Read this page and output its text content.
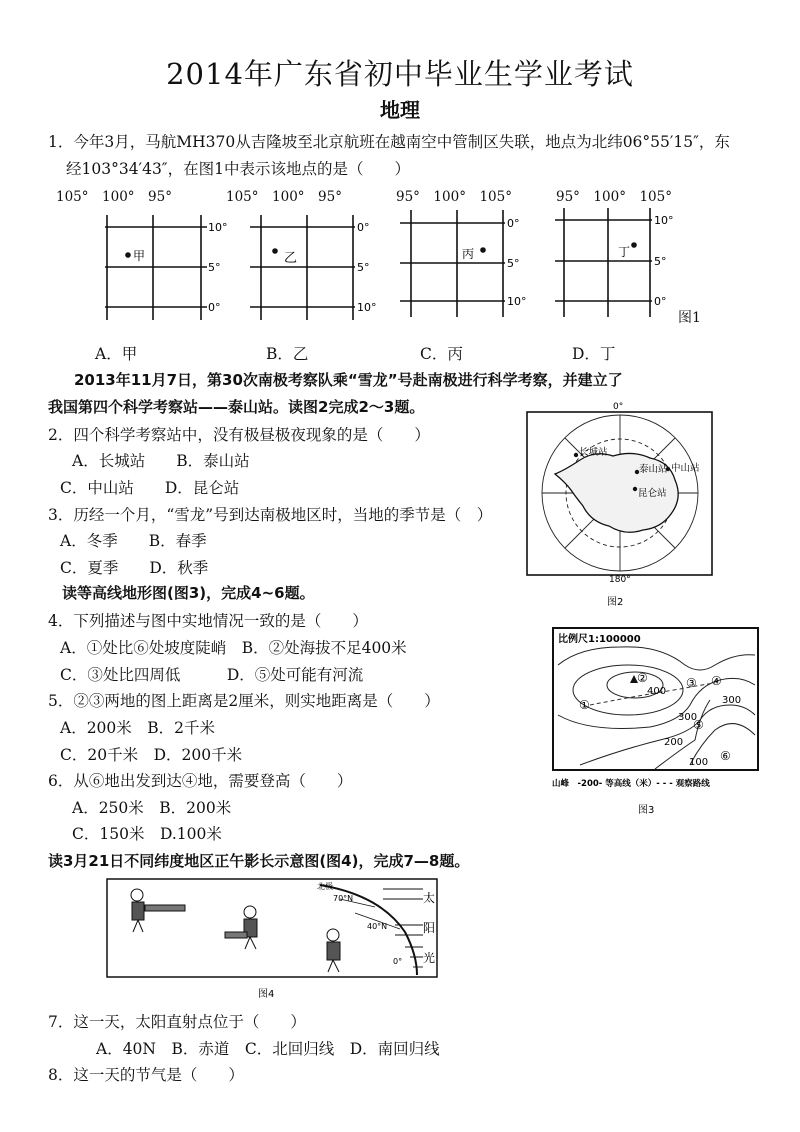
2014年广东省初中毕业生学业考试
地理
1．今年3月，马航MH370从吉隆坡至北京航班在越南空中管制区失联，地点为北纬06°55′15″，东
经103°34′43″，在图1中表示该地点的是（　　）
105°　100°　95°	105°　100°　95°	95°　100°　105°	95°　100°　105°
甲
10°
5°
0°
乙
0°
5°
10°
丙
0°
5°
10°
丁
10°
5°
0°
图1
A．甲	B．乙	C．丙	D．丁
2013年11月7日，第30次南极考察队乘“雪龙”号赴南极进行科学考察，并建立了
我国第四个科学考察站——泰山站。读图2完成2～3题。
2．四个科学考察站中，没有极昼极夜现象的是（　　）
A．长城站　　B．泰山站
C．中山站　　D．昆仑站
3．历经一个月，“雪龙”号到达南极地区时，当地的季节是（　）
A．冬季　　B．春季
C．夏季　　D．秋季
长城站
泰山站 中山站
昆仑站
0°
180°
图2
读等高线地形图(图3)，完成4~6题。
4．下列描述与图中实地情况一致的是（　　）
A．①处比⑥处坡度陡峭　B．②处海拔不足400米
C．③处比四周低　　　D．⑤处可能有河流
5．②③两地的图上距离是2厘米，则实地距离是（　　）
A．200米　B．2千米
C．20千米　D．200千米
6．从⑥地出发到达④地，需要登高（　　）
A．250米　B．200米
C．150米　D.100米
比例尺1:100000
①
②	③ ④
⑤
⑥
400
300
300
200
100
山峰　-200- 等高线（米）- - - 观察路线
图3
读3月21日不同纬度地区正午影长示意图(图4)，完成7—8题。
太
阳
光
北极
70°N
40°N
0°
图4
7．这一天，太阳直射点位于（　　）
A．40N　B．赤道　C．北回归线　D．南回归线
8．这一天的节气是（　　）
